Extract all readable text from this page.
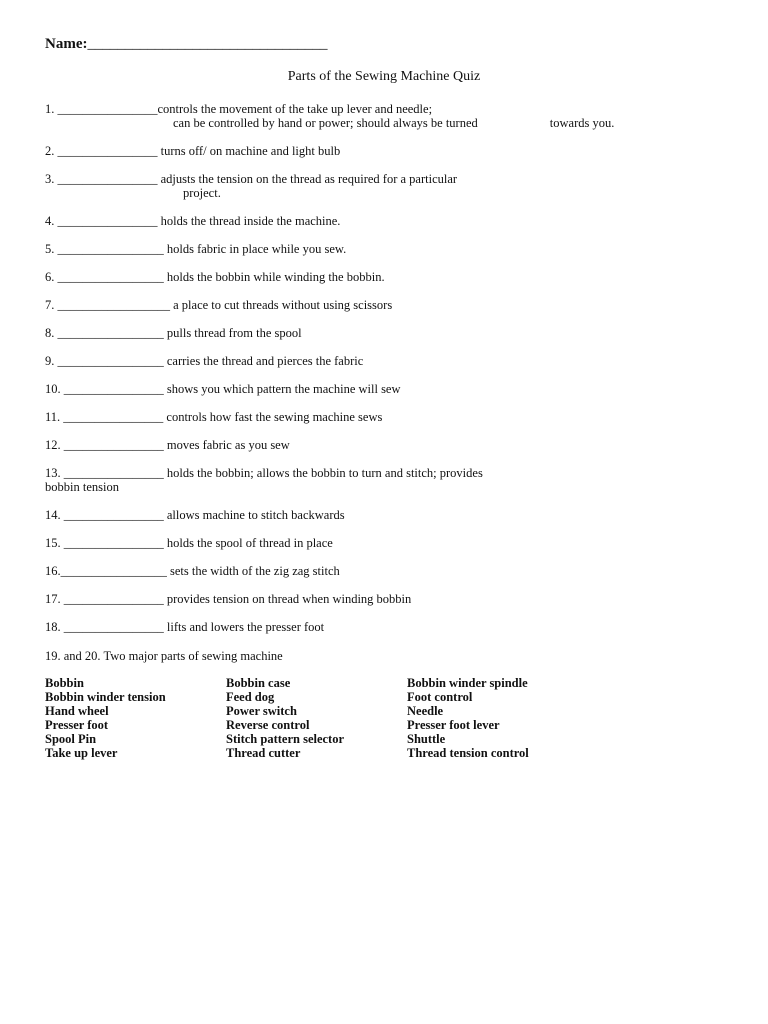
Name:________________________________
Parts of the Sewing Machine Quiz
1. ________________controls the movement of the take up lever and needle;
can be controlled by hand or power; should always be turned	towards you.
2. ________________ turns off/ on machine and light bulb
3. ________________ adjusts the tension on the thread as required for a particular
project.
4. ________________ holds the thread inside the machine.
5. _________________ holds fabric in place while you sew.
6. _________________ holds the bobbin while winding the bobbin.
7. __________________ a place to cut threads without using scissors
8. _________________ pulls thread from the spool
9. _________________ carries the thread and pierces the fabric
10. ________________ shows you which pattern the machine will sew
11. ________________ controls how fast the sewing machine sews
12. ________________ moves fabric as you sew
13. ________________ holds the bobbin; allows the bobbin to turn and stitch; provides
bobbin tension
14. ________________ allows machine to stitch backwards
15. ________________ holds the spool of thread in place
16._________________ sets the width of the zig zag stitch
17. ________________ provides tension on thread when winding bobbin
18. ________________ lifts and lowers the presser foot
19. and 20. Two major parts of sewing machine
Bobbin	Bobbin case	Bobbin winder spindle
Bobbin winder tension	Feed dog	Foot control
Hand wheel	Power switch	Needle
Presser foot	Reverse control	Presser foot lever
Spool Pin	Stitch pattern selector	Shuttle
Take up lever	Thread cutter	Thread tension control
